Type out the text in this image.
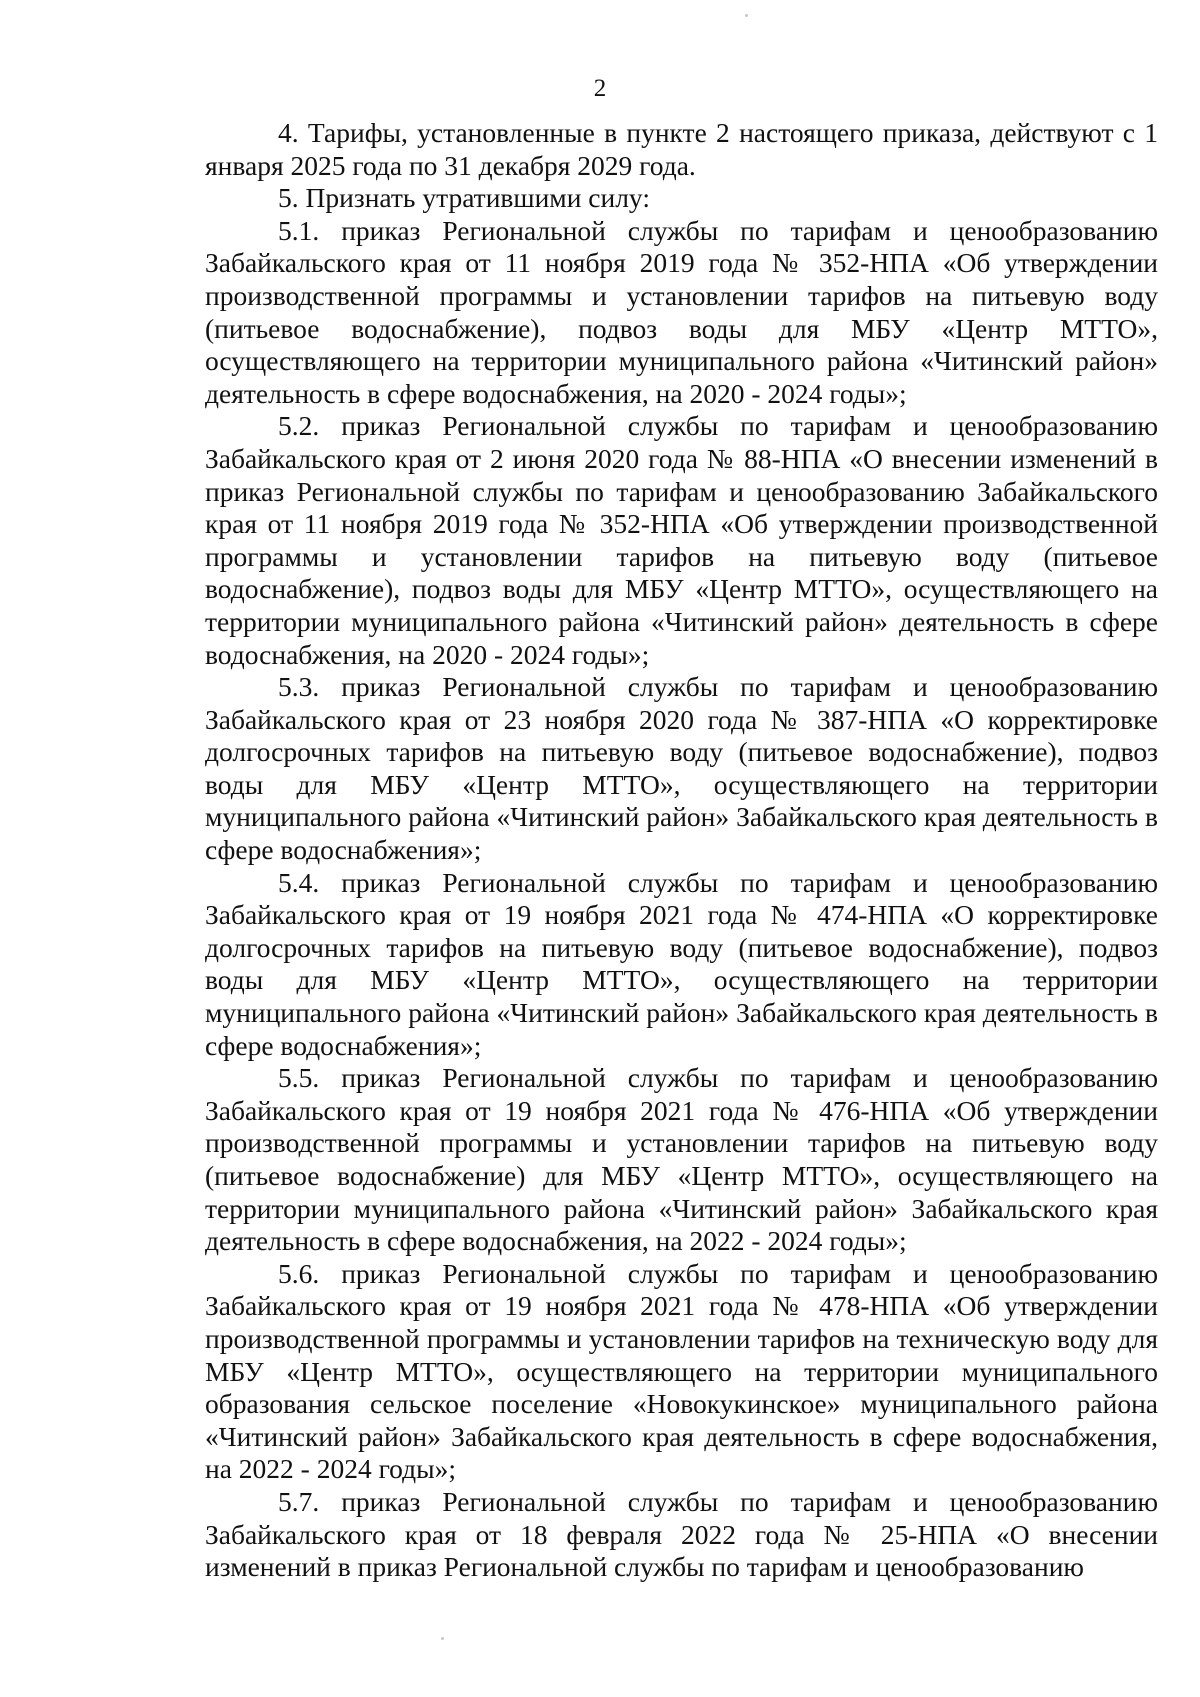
2

4. Тарифы, установленные в пункте 2 настоящего приказа, действуют с 1 января 2025 года по 31 декабря 2029 года.

5. Признать утратившими силу:

5.1. приказ Региональной службы по тарифам и ценообразованию Забайкальского края от 11 ноября 2019 года № 352-НПА «Об утверждении производственной программы и установлении тарифов на питьевую воду (питьевое водоснабжение), подвоз воды для МБУ «Центр МТТО», осуществляющего на территории муниципального района «Читинский район» деятельность в сфере водоснабжения, на 2020 - 2024 годы»;

5.2. приказ Региональной службы по тарифам и ценообразованию Забайкальского края от 2 июня 2020 года № 88-НПА «О внесении изменений в приказ Региональной службы по тарифам и ценообразованию Забайкальского края от 11 ноября 2019 года № 352-НПА «Об утверждении производственной программы и установлении тарифов на питьевую воду (питьевое водоснабжение), подвоз воды для МБУ «Центр МТТО», осуществляющего на территории муниципального района «Читинский район» деятельность в сфере водоснабжения, на 2020 - 2024 годы»;

5.3. приказ Региональной службы по тарифам и ценообразованию Забайкальского края от 23 ноября 2020 года № 387-НПА «О корректировке долгосрочных тарифов на питьевую воду (питьевое водоснабжение), подвоз воды для МБУ «Центр МТТО», осуществляющего на территории муниципального района «Читинский район» Забайкальского края деятельность в сфере водоснабжения»;

5.4. приказ Региональной службы по тарифам и ценообразованию Забайкальского края от 19 ноября 2021 года № 474-НПА «О корректировке долгосрочных тарифов на питьевую воду (питьевое водоснабжение), подвоз воды для МБУ «Центр МТТО», осуществляющего на территории муниципального района «Читинский район» Забайкальского края деятельность в сфере водоснабжения»;

5.5. приказ Региональной службы по тарифам и ценообразованию Забайкальского края от 19 ноября 2021 года № 476-НПА «Об утверждении производственной программы и установлении тарифов на питьевую воду (питьевое водоснабжение) для МБУ «Центр МТТО», осуществляющего на территории муниципального района «Читинский район» Забайкальского края деятельность в сфере водоснабжения, на 2022 - 2024 годы»;

5.6. приказ Региональной службы по тарифам и ценообразованию Забайкальского края от 19 ноября 2021 года № 478-НПА «Об утверждении производственной программы и установлении тарифов на техническую воду для МБУ «Центр МТТО», осуществляющего на территории муниципального образования сельское поселение «Новокукинское» муниципального района «Читинский район» Забайкальского края деятельность в сфере водоснабжения, на 2022 - 2024 годы»;

5.7. приказ Региональной службы по тарифам и ценообразованию Забайкальского края от 18 февраля 2022 года № 25-НПА «О внесении изменений в приказ Региональной службы по тарифам и ценообразованию
